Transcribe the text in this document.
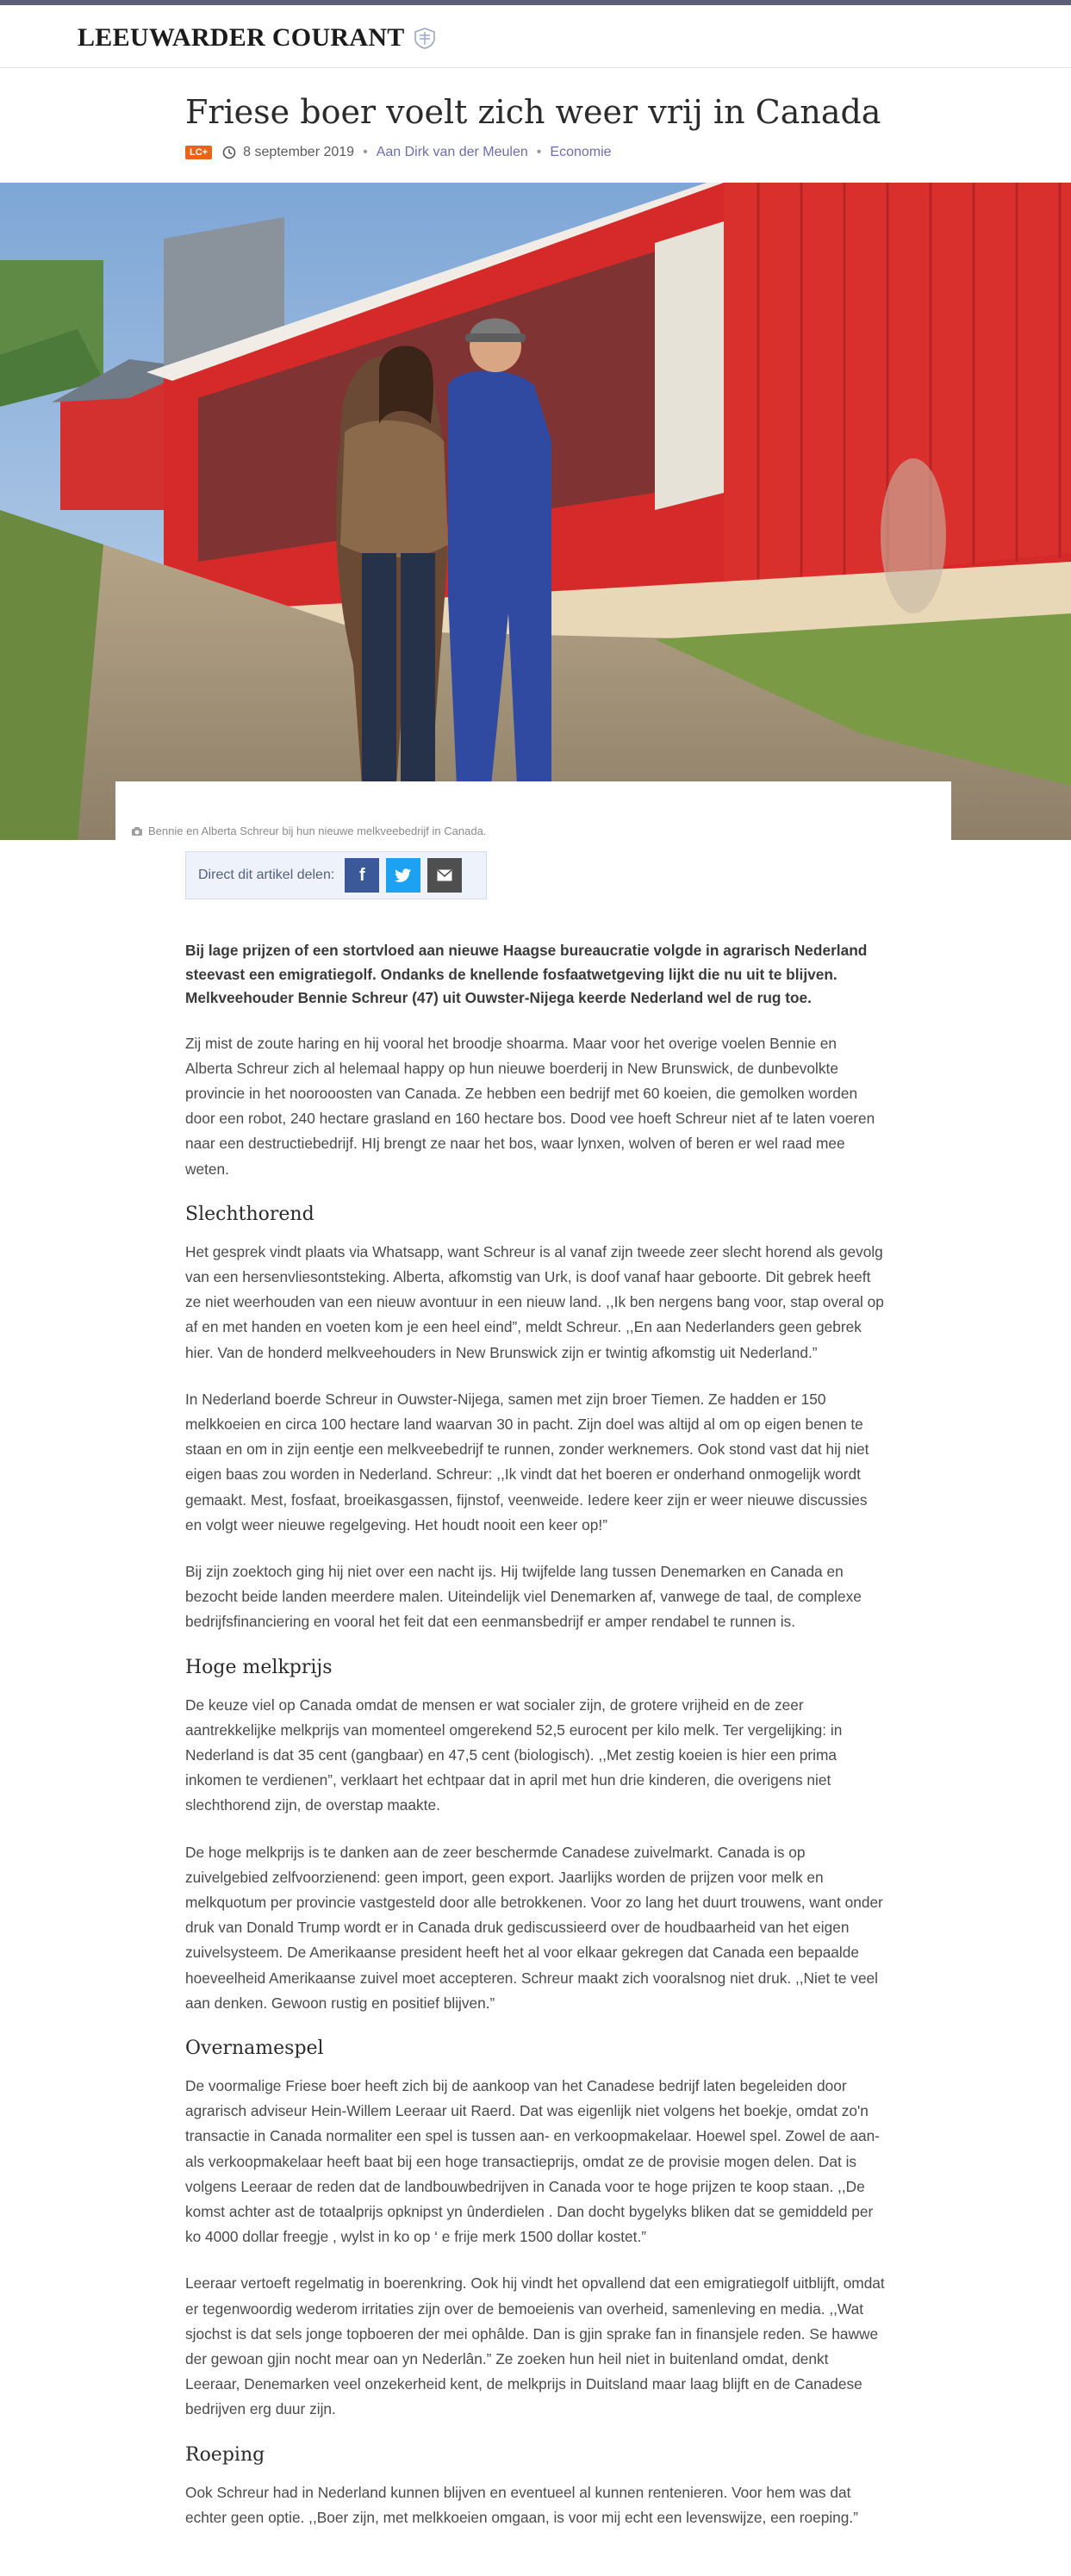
LEEUWARDER COURANT
Friese boer voelt zich weer vrij in Canada
LC+	8 september 2019 • Aan Dirk van der Meulen • Economie
Bennie en Alberta Schreur bij hun nieuwe melkveebedrijf in Canada.
Direct dit artikel delen: f

Bij lage prijzen of een stortvloed aan nieuwe Haagse bureaucratie volgde in agrarisch Nederland steevast een emigratiegolf. Ondanks de knellende fosfaatwetgeving lijkt die nu uit te blijven. Melkveehouder Bennie Schreur (47) uit Ouwster-Nijega keerde Nederland wel de rug toe.

Zij mist de zoute haring en hij vooral het broodje shoarma. Maar voor het overige voelen Bennie en Alberta Schreur zich al helemaal happy op hun nieuwe boerderij in New Brunswick, de dunbevolkte provincie in het noorooosten van Canada. Ze hebben een bedrijf met 60 koeien, die gemolken worden door een robot, 240 hectare grasland en 160 hectare bos. Dood vee hoeft Schreur niet af te laten voeren naar een destructiebedrijf. HIj brengt ze naar het bos, waar lynxen, wolven of beren er wel raad mee weten.

Slechthorend

Het gesprek vindt plaats via Whatsapp, want Schreur is al vanaf zijn tweede zeer slecht horend als gevolg van een hersenvliesontsteking. Alberta, afkomstig van Urk, is doof vanaf haar geboorte. Dit gebrek heeft ze niet weerhouden van een nieuw avontuur in een nieuw land. ,,Ik ben nergens bang voor, stap overal op af en met handen en voeten kom je een heel eind”, meldt Schreur. ,,En aan Nederlanders geen gebrek hier. Van de honderd melkveehouders in New Brunswick zijn er twintig afkomstig uit Nederland.”

In Nederland boerde Schreur in Ouwster-Nijega, samen met zijn broer Tiemen. Ze hadden er 150 melkkoeien en circa 100 hectare land waarvan 30 in pacht. Zijn doel was altijd al om op eigen benen te staan en om in zijn eentje een melkveebedrijf te runnen, zonder werknemers. Ook stond vast dat hij niet eigen baas zou worden in Nederland. Schreur: ,,Ik vindt dat het boeren er onderhand onmogelijk wordt gemaakt. Mest, fosfaat, broeikasgassen, fijnstof, veenweide. Iedere keer zijn er weer nieuwe discussies en volgt weer nieuwe regelgeving. Het houdt nooit een keer op!”

Bij zijn zoektoch ging hij niet over een nacht ijs. Hij twijfelde lang tussen Denemarken en Canada en bezocht beide landen meerdere malen. Uiteindelijk viel Denemarken af, vanwege de taal, de complexe bedrijfsfinanciering en vooral het feit dat een eenmansbedrijf er amper rendabel te runnen is.

Hoge melkprijs

De keuze viel op Canada omdat de mensen er wat socialer zijn, de grotere vrijheid en de zeer aantrekkelijke melkprijs van momenteel omgerekend 52,5 eurocent per kilo melk. Ter vergelijking: in Nederland is dat 35 cent (gangbaar) en 47,5 cent (biologisch). ,,Met zestig koeien is hier een prima inkomen te verdienen”, verklaart het echtpaar dat in april met hun drie kinderen, die overigens niet slechthorend zijn, de overstap maakte.

De hoge melkprijs is te danken aan de zeer beschermde Canadese zuivelmarkt. Canada is op zuivelgebied zelfvoorzienend: geen import, geen export. Jaarlijks worden de prijzen voor melk en melkquotum per provincie vastgesteld door alle betrokkenen. Voor zo lang het duurt trouwens, want onder druk van Donald Trump wordt er in Canada druk gediscussieerd over de houdbaarheid van het eigen zuivelsysteem. De Amerikaanse president heeft het al voor elkaar gekregen dat Canada een bepaalde hoeveelheid Amerikaanse zuivel moet accepteren. Schreur maakt zich vooralsnog niet druk. ,,Niet te veel aan denken. Gewoon rustig en positief blijven.”

Overnamespel

De voormalige Friese boer heeft zich bij de aankoop van het Canadese bedrijf laten begeleiden door agrarisch adviseur Hein-Willem Leeraar uit Raerd. Dat was eigenlijk niet volgens het boekje, omdat zo'n transactie in Canada normaliter een spel is tussen aan- en verkoopmakelaar. Hoewel spel. Zowel de aan- als verkoopmakelaar heeft baat bij een hoge transactieprijs, omdat ze de provisie mogen delen. Dat is volgens Leeraar de reden dat de landbouwbedrijven in Canada voor te hoge prijzen te koop staan. ,,De komst achter ast de totaalprijs opknipst yn ûnderdielen . Dan docht bygelyks bliken dat se gemiddeld per ko 4000 dollar freegje , wylst in ko op ‘ e frije merk 1500 dollar kostet.”

Leeraar vertoeft regelmatig in boerenkring. Ook hij vindt het opvallend dat een emigratiegolf uitblijft, omdat er tegenwoordig wederom irritaties zijn over de bemoeienis van overheid, samenleving en media. ,,Wat sjochst is dat sels jonge topboeren der mei ophâlde. Dan is gjin sprake fan in finansjele reden. Se hawwe der gewoan gjin nocht mear oan yn Nederlân.” Ze zoeken hun heil niet in buitenland omdat, denkt Leeraar, Denemarken veel onzekerheid kent, de melkprijs in Duitsland maar laag blijft en de Canadese bedrijven erg duur zijn.

Roeping

Ook Schreur had in Nederland kunnen blijven en eventueel al kunnen rentenieren. Voor hem was dat echter geen optie. ,,Boer zijn, met melkkoeien omgaan, is voor mij echt een levenswijze, een roeping.”
